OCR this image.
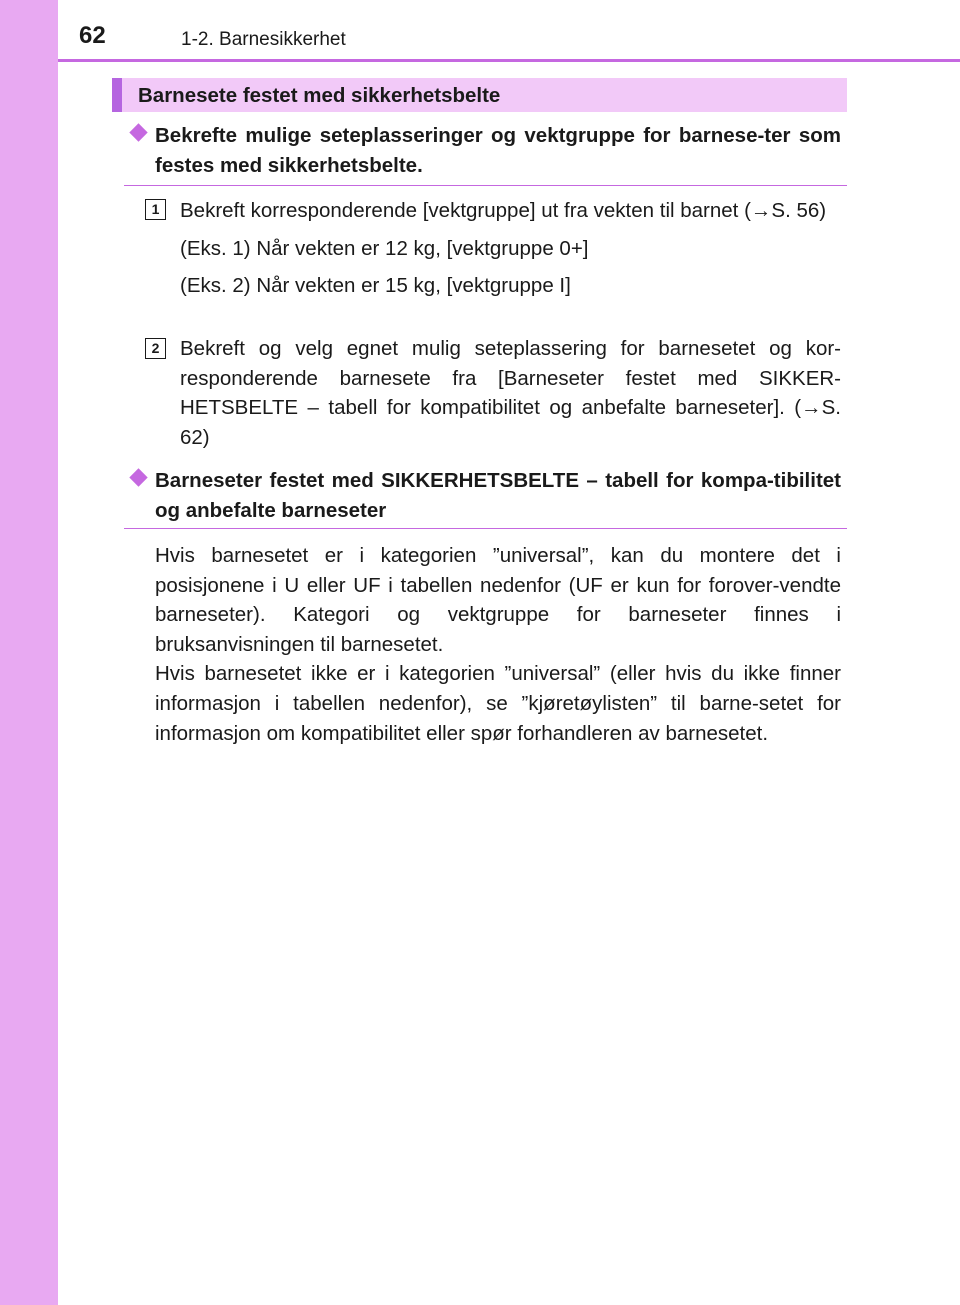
62	1-2. Barnesikkerhet
Barnesete festet med sikkerhetsbelte
Bekrefte mulige seteplasseringer og vektgruppe for barnese-ter som festes med sikkerhetsbelte.
1	Bekreft korresponderende [vektgruppe] ut fra vekten til barnet (→S. 56)
(Eks. 1) Når vekten er 12 kg, [vektgruppe 0+]
(Eks. 2) Når vekten er 15 kg, [vektgruppe I]
2	Bekreft og velg egnet mulig seteplassering for barnesetet og kor-responderende barnesete fra [Barneseter festet med SIKKER-HETSBELTE – tabell for kompatibilitet og anbefalte barneseter]. (→S. 62)
Barneseter festet med SIKKERHETSBELTE – tabell for kompa-tibilitet og anbefalte barneseter
Hvis barnesetet er i kategorien ”universal”, kan du montere det i posisjonene i U eller UF i tabellen nedenfor (UF er kun for forover-vendte barneseter). Kategori og vektgruppe for barneseter finnes i bruksanvisningen til barnesetet.
Hvis barnesetet ikke er i kategorien ”universal” (eller hvis du ikke finner informasjon i tabellen nedenfor), se ”kjøretøylisten” til barne-setet for informasjon om kompatibilitet eller spør forhandleren av barnesetet.
